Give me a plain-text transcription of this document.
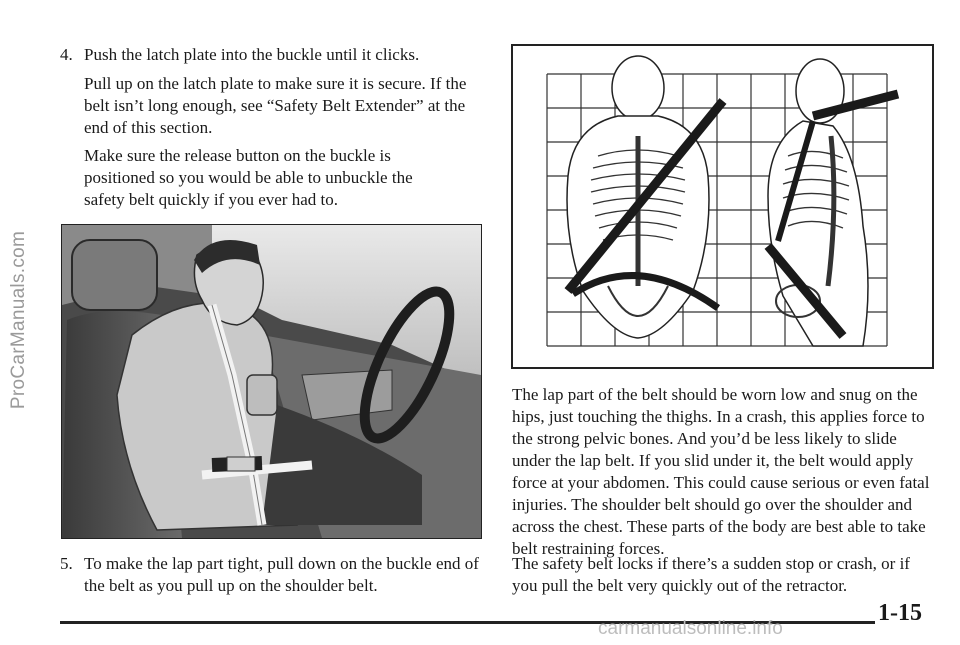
ProCarManuals.com
4. Push the latch plate into the buckle until it clicks.
Pull up on the latch plate to make sure it is secure. If the belt isn’t long enough, see “Safety Belt Extender” at the end of this section.
Make sure the release button on the buckle is positioned so you would be able to unbuckle the safety belt quickly if you ever had to.
5. To make the lap part tight, pull down on the buckle end of the belt as you pull up on the shoulder belt.
The lap part of the belt should be worn low and snug on the hips, just touching the thighs. In a crash, this applies force to the strong pelvic bones. And you’d be less likely to slide under the lap belt. If you slid under it, the belt would apply force at your abdomen. This could cause serious or even fatal injuries. The shoulder belt should go over the shoulder and across the chest. These parts of the body are best able to take belt restraining forces.
The safety belt locks if there’s a sudden stop or crash, or if you pull the belt very quickly out of the retractor.
1-15
carmanualsonline.info
